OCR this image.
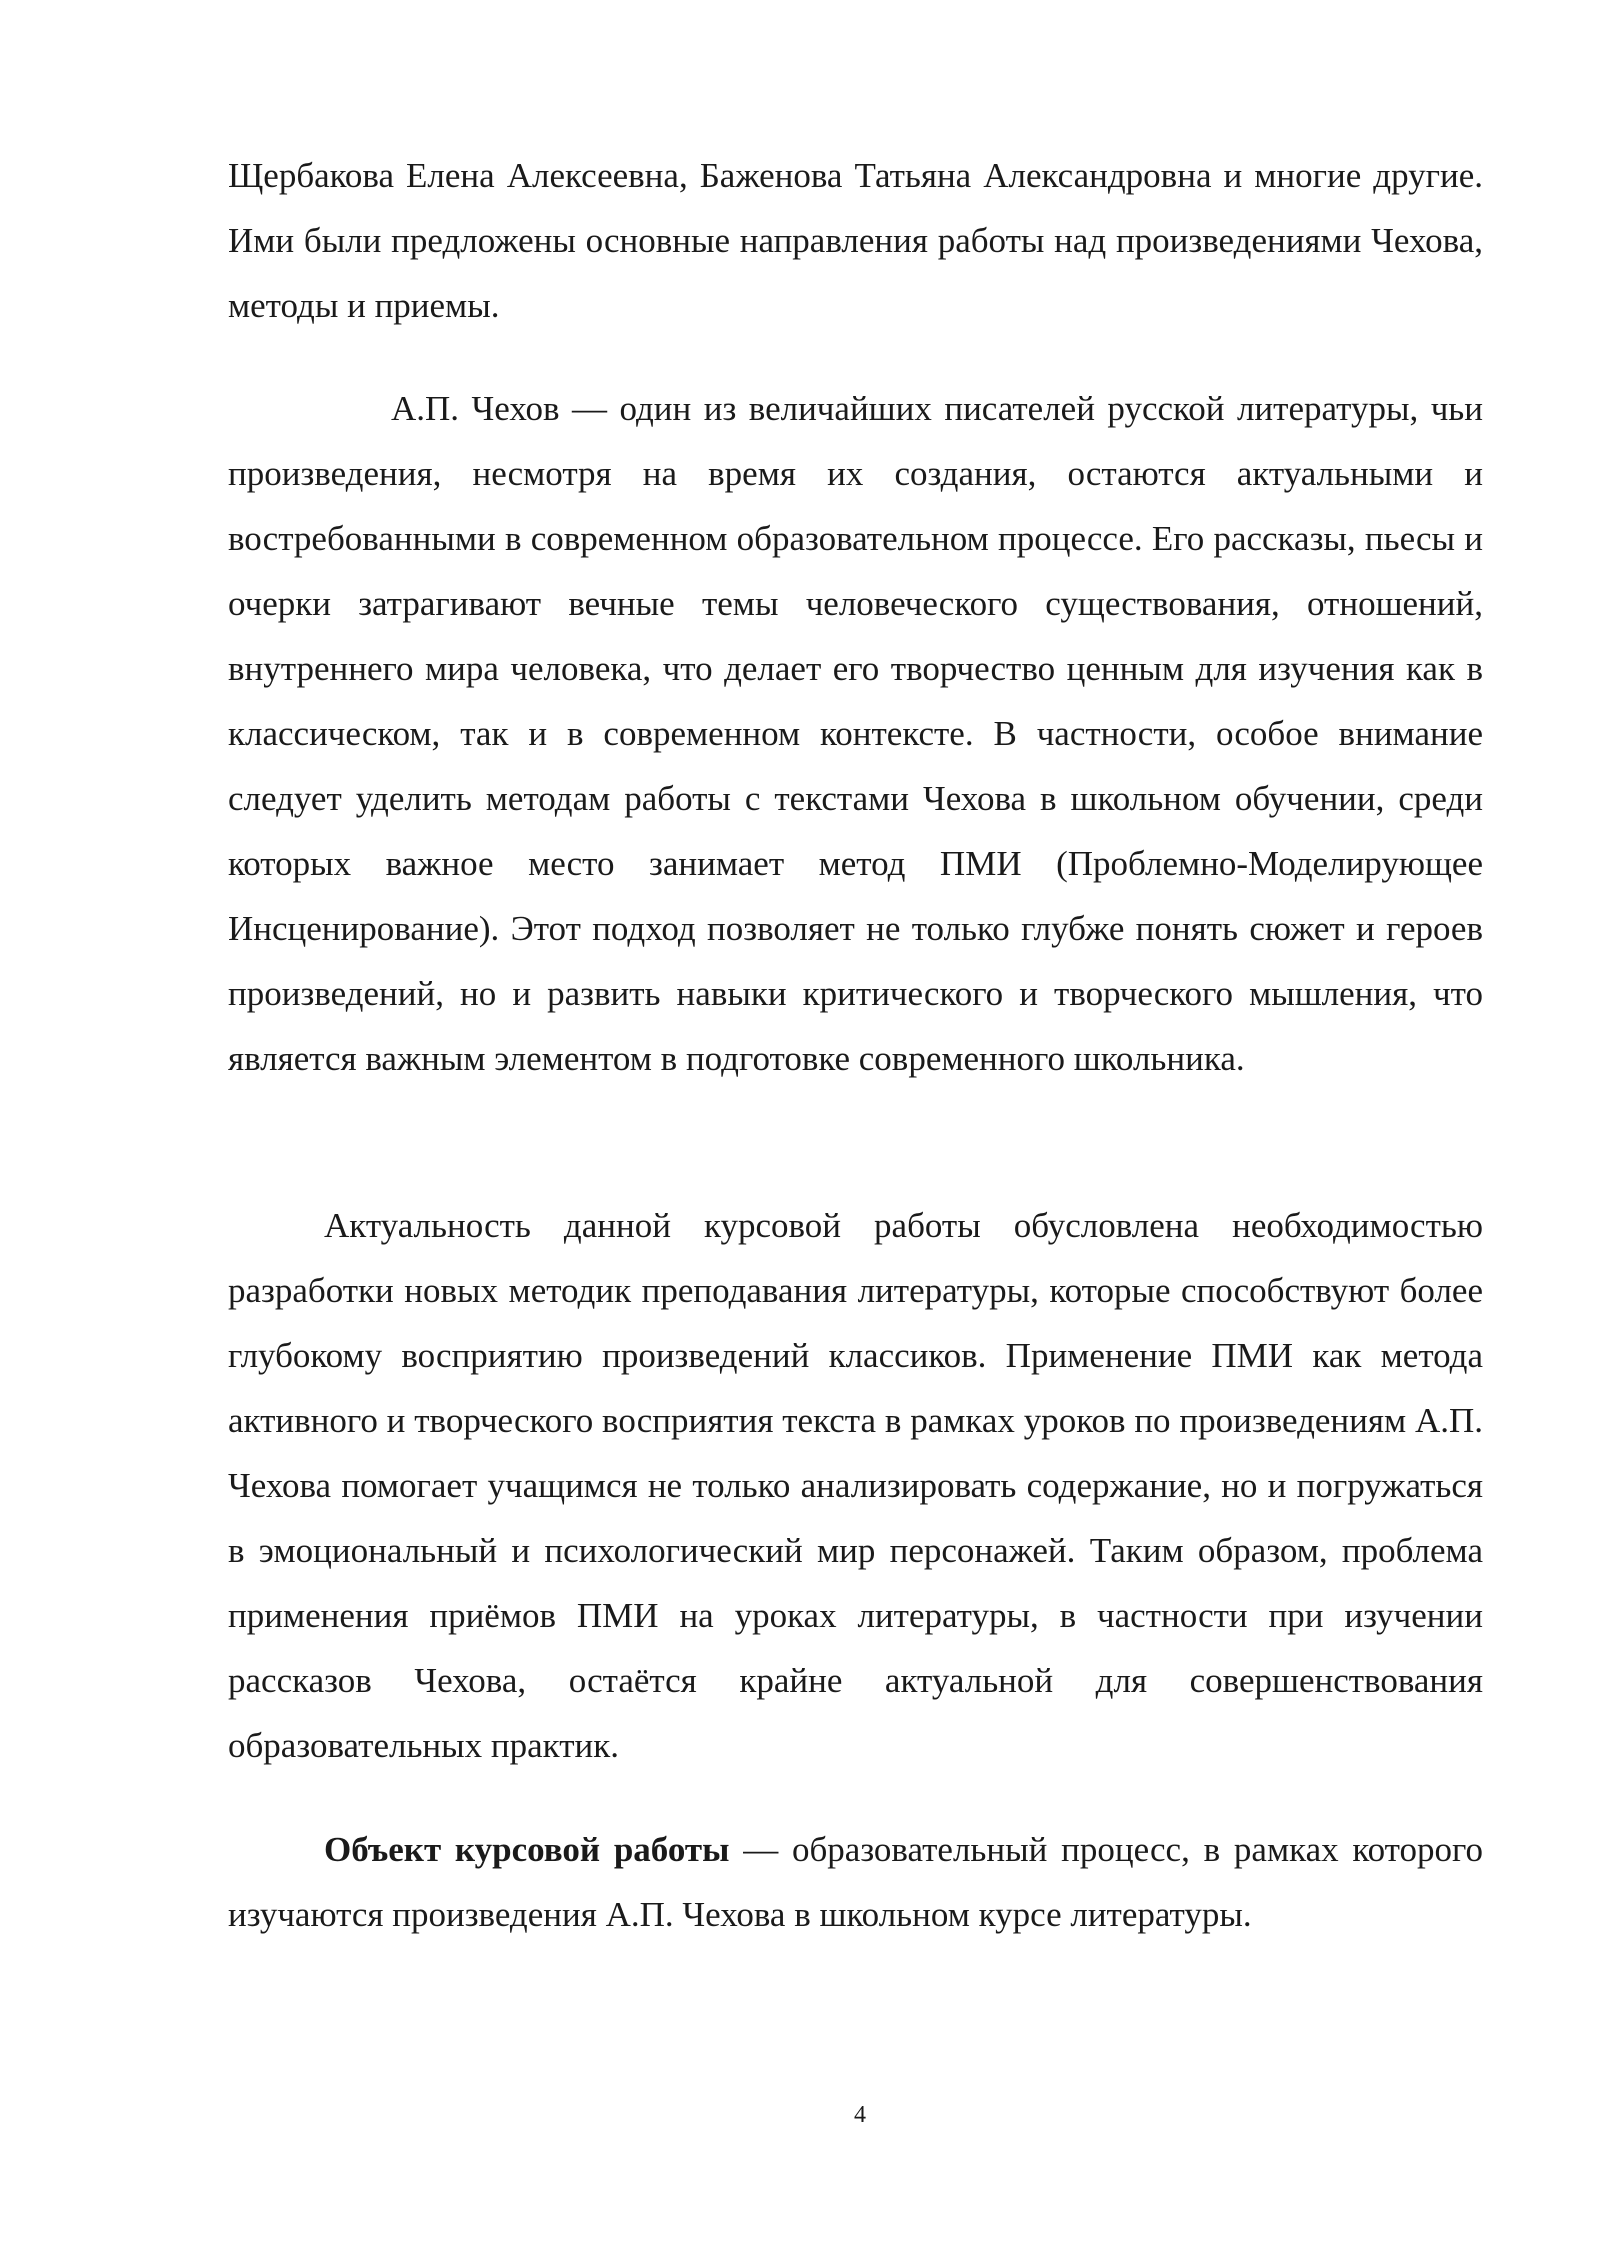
Щербакова Елена Алексеевна, Баженова Татьяна Александровна и многие другие. Ими были предложены основные направления работы над произведениями Чехова, методы и приемы.

А.П. Чехов — один из величайших писателей русской литературы, чьи произведения, несмотря на время их создания, остаются актуальными и востребованными в современном образовательном процессе. Его рассказы, пьесы и очерки затрагивают вечные темы человеческого существования, отношений, внутреннего мира человека, что делает его творчество ценным для изучения как в классическом, так и в современном контексте. В частности, особое внимание следует уделить методам работы с текстами Чехова в школьном обучении, среди которых важное место занимает метод ПМИ (Проблемно-Моделирующее Инсценирование). Этот подход позволяет не только глубже понять сюжет и героев произведений, но и развить навыки критического и творческого мышления, что является важным элементом в подготовке современного школьника.

Актуальность данной курсовой работы обусловлена необходимостью разработки новых методик преподавания литературы, которые способствуют более глубокому восприятию произведений классиков. Применение ПМИ как метода активного и творческого восприятия текста в рамках уроков по произведениям А.П. Чехова помогает учащимся не только анализировать содержание, но и погружаться в эмоциональный и психологический мир персонажей. Таким образом, проблема применения приёмов ПМИ на уроках литературы, в частности при изучении рассказов Чехова, остаётся крайне актуальной для совершенствования образовательных практик.

Объект курсовой работы — образовательный процесс, в рамках которого изучаются произведения А.П. Чехова в школьном курсе литературы.

4
